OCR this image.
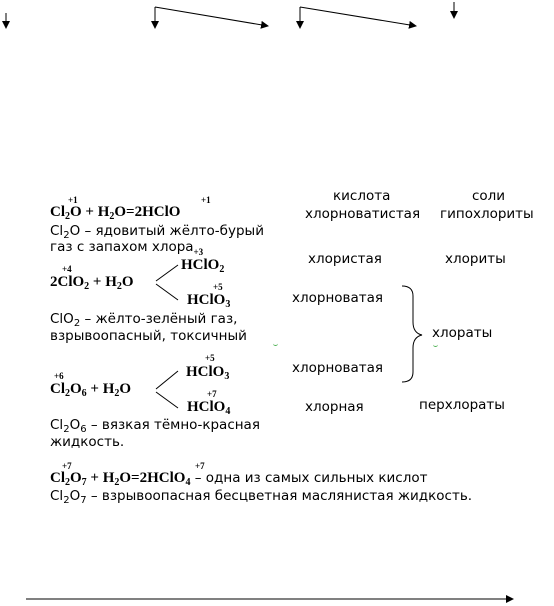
кислота	соли
+1	+1
$Cl_2O$ + $H_2O=2HClO$	хлорноватистая гипохлориты
$Cl_2O$ – ядовитый жёлто-бурый
газ с запахом хлора$_{+3}$
+4
$2ClO_2 + H_2O$
HClO$_2$
хлористая	хлориты
+5
HClO$_3$	хлорноватая
ClO$_2$ – жёлто-зелёный газ,
взрывоопасный, токсичный	хлораты
+5
HClO$_3$
хлорноватая
+6
$Cl_2O_6 + H_2O$	+7
HClO$_4$	хлорная	перхлораты
$Cl_2O_6$ – вязкая тёмно-красная
жидкость.
+7	+7
$Cl_2O_7$ + $H_2O=2HClO_4$ – одна из самых сильных кислот
$Cl_2O_7$ – взрывоопасная бесцветная маслянистая жидкость.
